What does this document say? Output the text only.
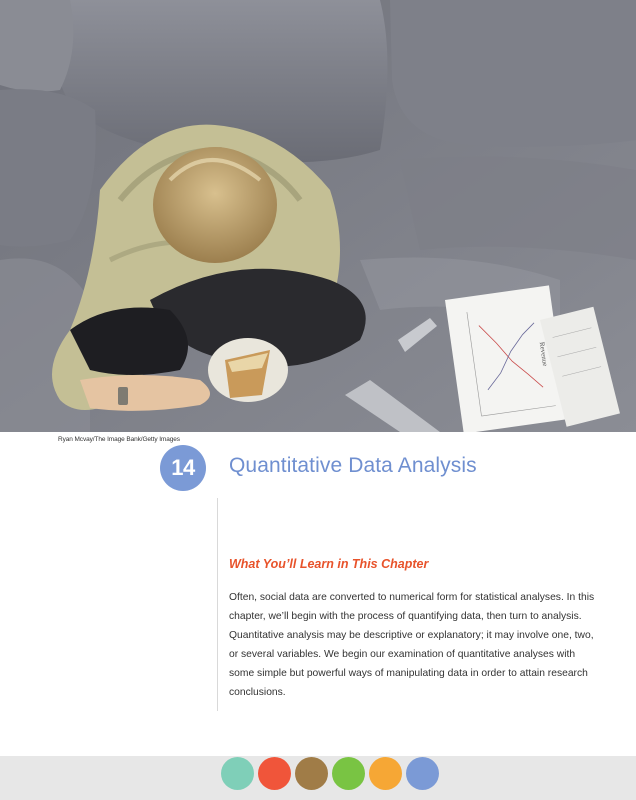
Revenue
Ryan Mcvay/The Image Bank/Getty Images
14	Quantitative Data Analysis
What You’ll Learn in This Chapter

Often, social data are converted to numerical form for statistical analyses. In this chapter, we’ll begin with the process of quantifying data, then turn to analysis. Quantitative analysis may be descriptive or explanatory; it may involve one, two, or several variables. We begin our examination of quantitative analyses with some simple but powerful ways of manipulating data in order to attain research conclusions.
